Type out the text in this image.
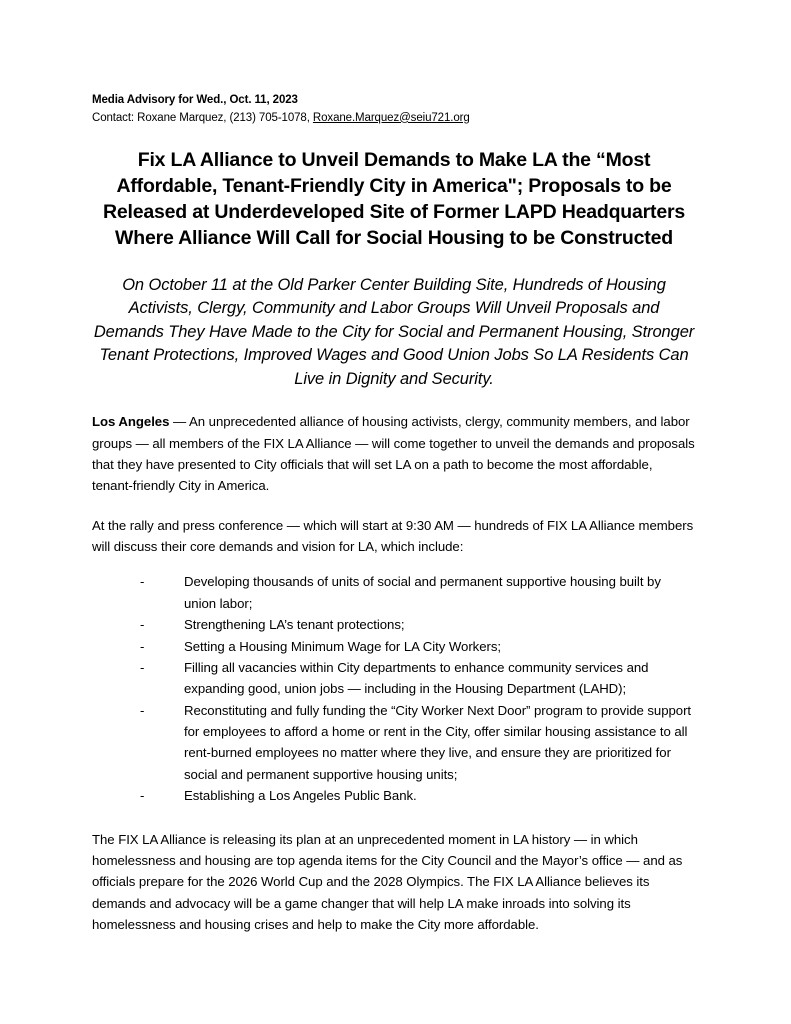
Media Advisory for Wed., Oct. 11, 2023
Contact: Roxane Marquez, (213) 705-1078, Roxane.Marquez@seiu721.org
Fix LA Alliance to Unveil Demands to Make LA the “Most Affordable, Tenant-Friendly City in America"; Proposals to be Released at Underdeveloped Site of Former LAPD Headquarters Where Alliance Will Call for Social Housing to be Constructed
On October 11 at the Old Parker Center Building Site, Hundreds of Housing Activists, Clergy, Community and Labor Groups Will Unveil Proposals and Demands They Have Made to the City for Social and Permanent Housing, Stronger Tenant Protections, Improved Wages and Good Union Jobs So LA Residents Can Live in Dignity and Security.
Los Angeles — An unprecedented alliance of housing activists, clergy, community members, and labor groups — all members of the FIX LA Alliance — will come together to unveil the demands and proposals that they have presented to City officials that will set LA on a path to become the most affordable, tenant-friendly City in America.
At the rally and press conference — which will start at 9:30 AM — hundreds of FIX LA Alliance members will discuss their core demands and vision for LA, which include:
-	Developing thousands of units of social and permanent supportive housing built by union labor;
-	Strengthening LA’s tenant protections;
-	Setting a Housing Minimum Wage for LA City Workers;
-	Filling all vacancies within City departments to enhance community services and expanding good, union jobs — including in the Housing Department (LAHD);
-	Reconstituting and fully funding the “City Worker Next Door” program to provide support for employees to afford a home or rent in the City, offer similar housing assistance to all rent-burned employees no matter where they live, and ensure they are prioritized for social and permanent supportive housing units;
-	Establishing a Los Angeles Public Bank.
The FIX LA Alliance is releasing its plan at an unprecedented moment in LA history — in which homelessness and housing are top agenda items for the City Council and the Mayor’s office — and as officials prepare for the 2026 World Cup and the 2028 Olympics. The FIX LA Alliance believes its demands and advocacy will be a game changer that will help LA make inroads into solving its homelessness and housing crises and help to make the City more affordable.
